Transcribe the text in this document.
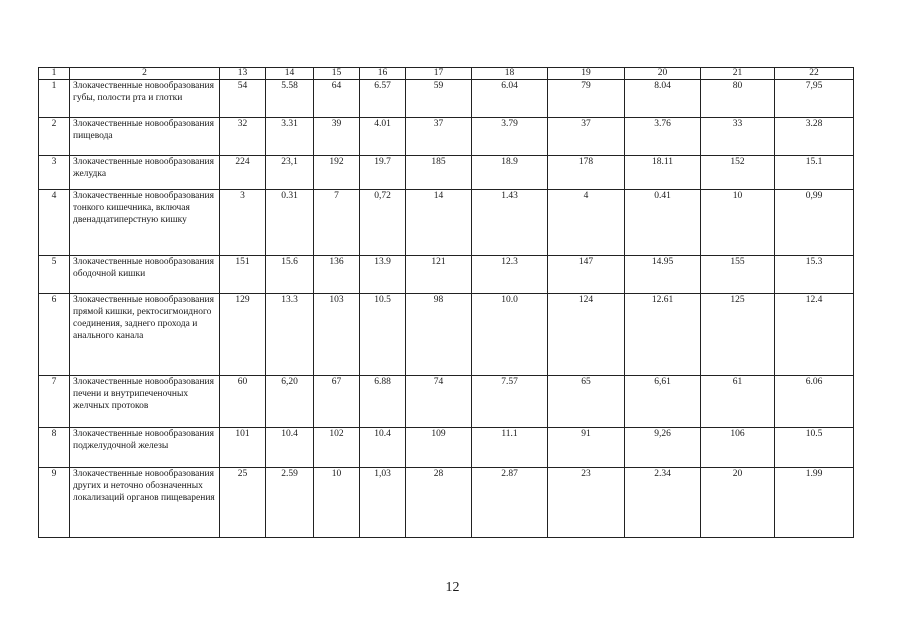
1	2	13	14	15	16	17	18	19	20	21	22
1	Злокачественные новообразования губы, полости рта и глотки	54	5.58	64	6.57	59	6.04	79	8.04	80	7,95
2	Злокачественные новообразования пищевода	32	3.31	39	4.01	37	3.79	37	3.76	33	3.28
3	Злокачественные новообразования желудка	224	23,1	192	19.7	185	18.9	178	18.11	152	15.1
4	Злокачественные новообразования тонкого кишечника, включая двенадцатиперстную кишку	3	0.31	7	0,72	14	1.43	4	0.41	10	0,99
5	Злокачественные новообразования ободочной кишки	151	15.6	136	13.9	121	12.3	147	14.95	155	15.3
6	Злокачественные новообразования прямой кишки, ректосигмоидного соединения, заднего прохода и анального канала	129	13.3	103	10.5	98	10.0	124	12.61	125	12.4
7	Злокачественные новообразования печени и внутрипеченочных желчных протоков	60	6,20	67	6.88	74	7.57	65	6,61	61	6.06
8	Злокачественные новообразования поджелудочной железы	101	10.4	102	10.4	109	11.1	91	9,26	106	10.5
9	Злокачественные новообразования других и неточно обозначенных локализаций органов пищеварения	25	2.59	10	1,03	28	2.87	23	2.34	20	1.99
12
